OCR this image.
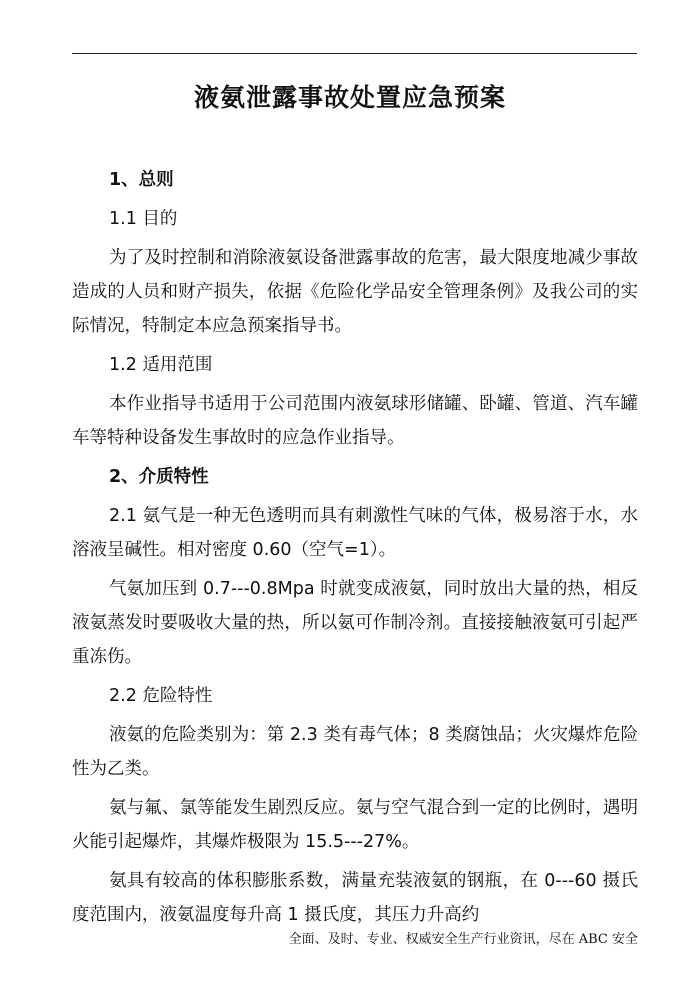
液氨泄露事故处置应急预案

1、总则

1.1 目的

为了及时控制和消除液氨设备泄露事故的危害，最大限度地减少事故造成的人员和财产损失，依据《危险化学品安全管理条例》及我公司的实际情况，特制定本应急预案指导书。

1.2 适用范围

本作业指导书适用于公司范围内液氨球形储罐、卧罐、管道、汽车罐车等特种设备发生事故时的应急作业指导。

2、介质特性

2.1 氨气是一种无色透明而具有刺激性气味的气体，极易溶于水，水溶液呈碱性。相对密度 0.60（空气=1）。

气氨加压到 0.7---0.8Mpa 时就变成液氨，同时放出大量的热，相反液氨蒸发时要吸收大量的热，所以氨可作制冷剂。直接接触液氨可引起严重冻伤。

2.2 危险特性

液氨的危险类别为：第 2.3 类有毒气体；8 类腐蚀品；火灾爆炸危险性为乙类。

氨与氟、氯等能发生剧烈反应。氨与空气混合到一定的比例时，遇明火能引起爆炸，其爆炸极限为 15.5---27%。

氨具有较高的体积膨胀系数，满量充装液氨的钢瓶，在 0---60 摄氏度范围内，液氨温度每升高 1 摄氏度，其压力升高约

全面、及时、专业、权威安全生产行业资讯，尽在 ABC 安全
